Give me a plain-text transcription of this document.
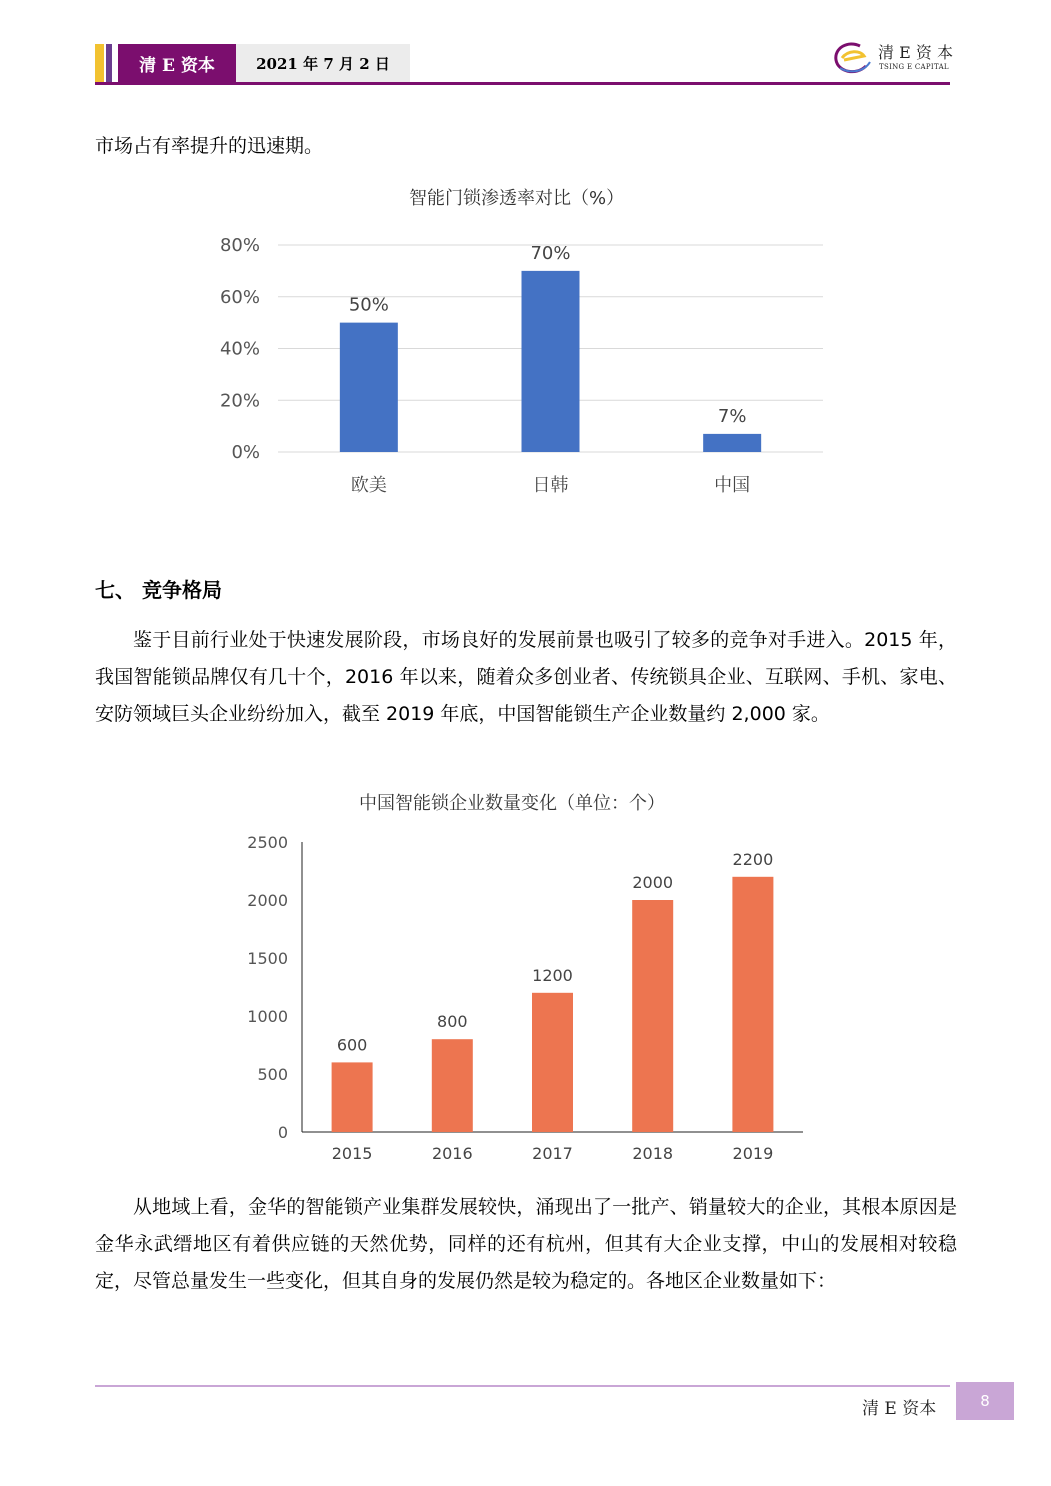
清 E 资本	2021 年 7 月 2 日
清 E 资 本
TSING E CAPITAL
市场占有率提升的迅速期。
智能门锁渗透率对比（%）
0%
20%
40%
60%
80%
50%
欧美
70%
日韩
7%
中国
七、 竞争格局
鉴于目前行业处于快速发展阶段，市场良好的发展前景也吸引了较多的竞争对手进入。2015 年，我国智能锁品牌仅有几十个，2016 年以来，随着众多创业者、传统锁具企业、互联网、手机、家电、安防领域巨头企业纷纷加入，截至 2019 年底，中国智能锁生产企业数量约 2,000 家。
中国智能锁企业数量变化（单位：个）
0
500
1000
1500
2000
2500
600
2015
800
2016
1200
2017
2000
2018
2200
2019
从地域上看，金华的智能锁产业集群发展较快，涌现出了一批产、销量较大的企业，其根本原因是金华永武缙地区有着供应链的天然优势，同样的还有杭州，但其有大企业支撑，中山的发展相对较稳定，尽管总量发生一些变化，但其自身的发展仍然是较为稳定的。各地区企业数量如下：
清 E 资本	8
